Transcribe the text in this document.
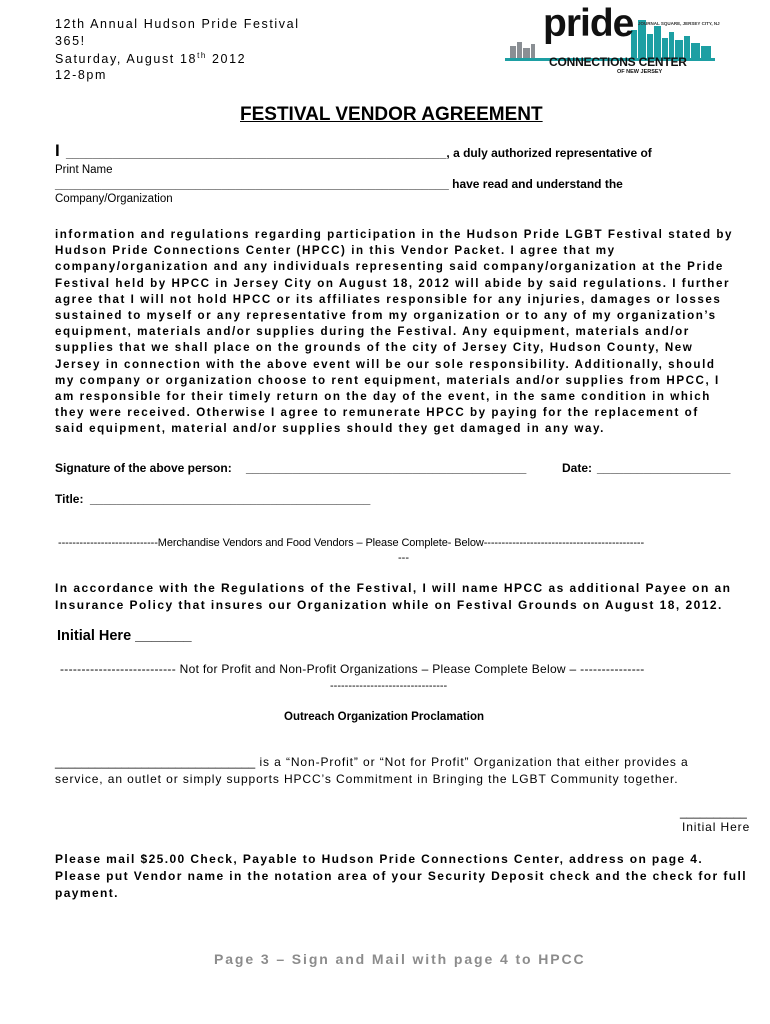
12th Annual Hudson Pride Festival
365!
Saturday, August 18th 2012
12-8pm
pride JOURNAL SQUARE, JERSEY CITY, NJ
CONNECTIONS CENTER
OF NEW JERSEY
FESTIVAL VENDOR AGREEMENT
I _________________________________________________________, a duly authorized representative of
Print Name
___________________________________________________________ have read and understand the
Company/Organization
information and regulations regarding participation in the Hudson Pride LGBT Festival stated by
Hudson Pride Connections Center (HPCC) in this Vendor Packet. I agree that my
company/organization and any individuals representing said company/organization at the Pride
Festival held by HPCC in Jersey City on August 18, 2012 will abide by said regulations. I further
agree that I will not hold HPCC or its affiliates responsible for any injuries, damages or losses
sustained to myself or any representative from my organization or to any of my organization’s
equipment, materials and/or supplies during the Festival. Any equipment, materials and/or
supplies that we shall place on the grounds of the city of Jersey City, Hudson County, New
Jersey in connection with the above event will be our sole responsibility. Additionally, should
my company or organization choose to rent equipment, materials and/or supplies from HPCC, I
am responsible for their timely return on the day of the event, in the same condition in which
they were received. Otherwise I agree to remunerate HPCC by paying for the replacement of
said equipment, material and/or supplies should they get damaged in any way.
Signature of the above person: __________________________________________	Date: ____________________
Title: __________________________________________
----------------------------Merchandise Vendors and Food Vendors – Please Complete- Below---------------------------------------------
---
In accordance with the Regulations of the Festival, I will name HPCC as additional Payee on an
Insurance Policy that insures our Organization while on Festival Grounds on August 18, 2012.
Initial Here _______
--------------------------- Not for Profit and Non-Profit Organizations – Please Complete Below – ---------------
--------------------------------
Outreach Organization Proclamation
______________________________ is a “Non-Profit” or “Not for Profit” Organization that either provides a
service, an outlet or simply supports HPCC’s Commitment in Bringing the LGBT Community together.
__________
Initial Here
Please mail $25.00 Check, Payable to Hudson Pride Connections Center, address on page 4.
Please put Vendor name in the notation area of your Security Deposit check and the check for full
payment.
Page 3 – Sign and Mail with page 4 to HPCC
